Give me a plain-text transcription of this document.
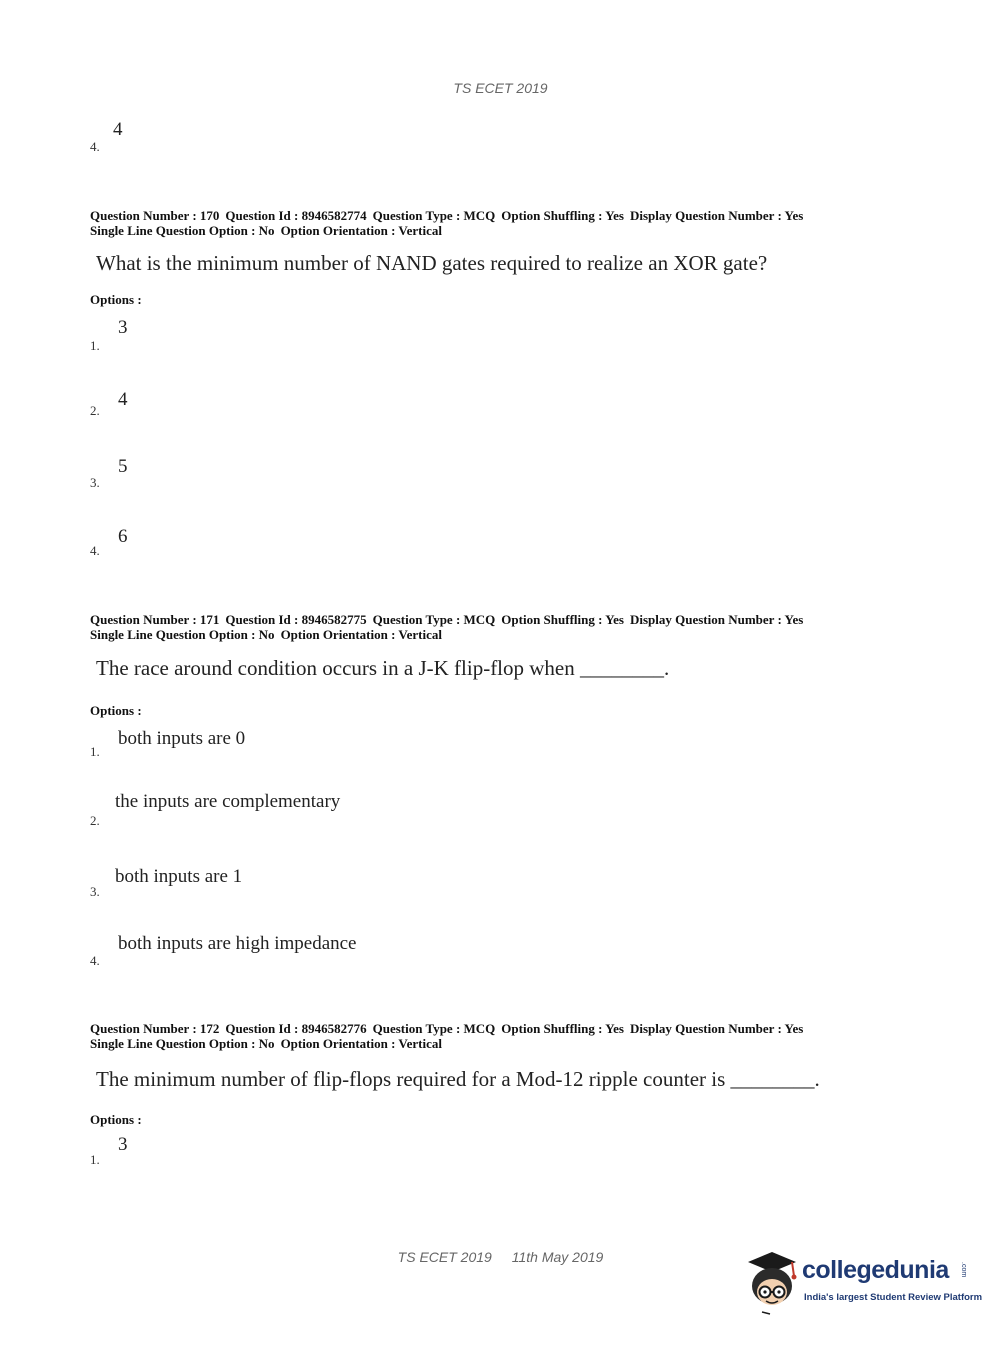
TS ECET 2019
4
4.
Question Number : 170 Question Id : 8946582774 Question Type : MCQ Option Shuffling : Yes Display Question Number : Yes
Single Line Question Option : No Option Orientation : Vertical
What is the minimum number of NAND gates required to realize an XOR gate?
Options :
3
1.
4
2.
5
3.
6
4.
Question Number : 171 Question Id : 8946582775 Question Type : MCQ Option Shuffling : Yes Display Question Number : Yes
Single Line Question Option : No Option Orientation : Vertical
The race around condition occurs in a J-K flip-flop when ________.
Options :
both inputs are 0
1.
the inputs are complementary
2.
both inputs are 1
3.
both inputs are high impedance
4.
Question Number : 172 Question Id : 8946582776 Question Type : MCQ Option Shuffling : Yes Display Question Number : Yes
Single Line Question Option : No Option Orientation : Vertical
The minimum number of flip-flops required for a Mod-12 ripple counter is ________.
Options :
3
1.
TS ECET 2019 11th May 2019	collegedunia .com
India's largest Student Review Platform
